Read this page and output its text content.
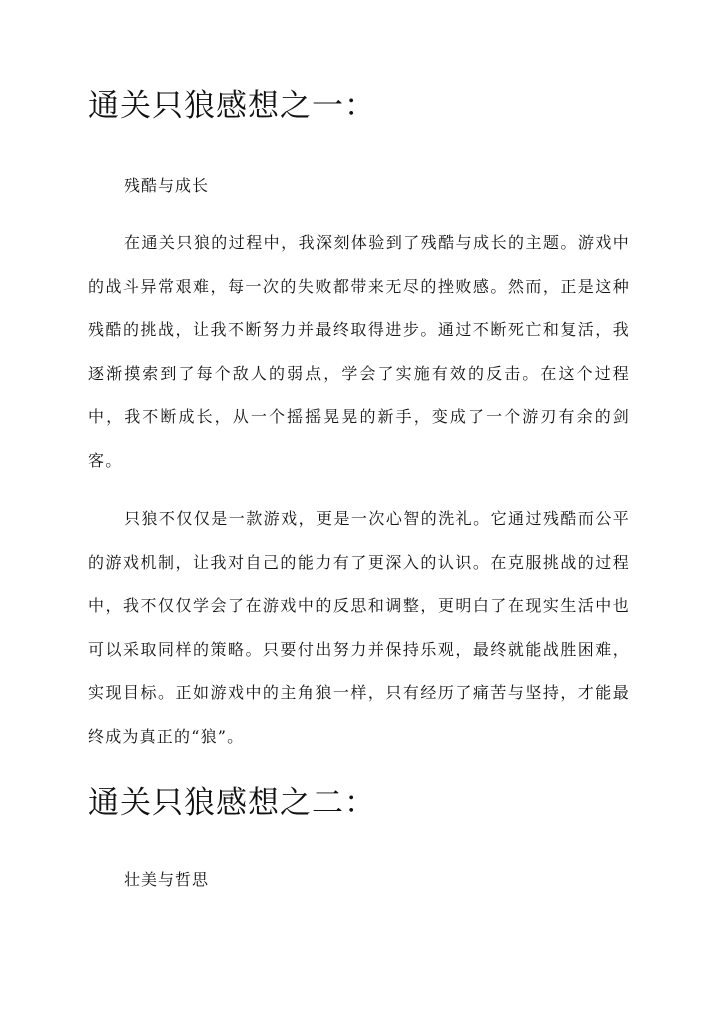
通关只狼感想之一：

残酷与成长

在通关只狼的过程中，我深刻体验到了残酷与成长的主题。游戏中的战斗异常艰难，每一次的失败都带来无尽的挫败感。然而，正是这种残酷的挑战，让我不断努力并最终取得进步。通过不断死亡和复活，我逐渐摸索到了每个敌人的弱点，学会了实施有效的反击。在这个过程中，我不断成长，从一个摇摇晃晃的新手，变成了一个游刃有余的剑客。

只狼不仅仅是一款游戏，更是一次心智的洗礼。它通过残酷而公平的游戏机制，让我对自己的能力有了更深入的认识。在克服挑战的过程中，我不仅仅学会了在游戏中的反思和调整，更明白了在现实生活中也可以采取同样的策略。只要付出努力并保持乐观，最终就能战胜困难，实现目标。正如游戏中的主角狼一样，只有经历了痛苦与坚持，才能最终成为真正的“狼”。

通关只狼感想之二：

壮美与哲思
